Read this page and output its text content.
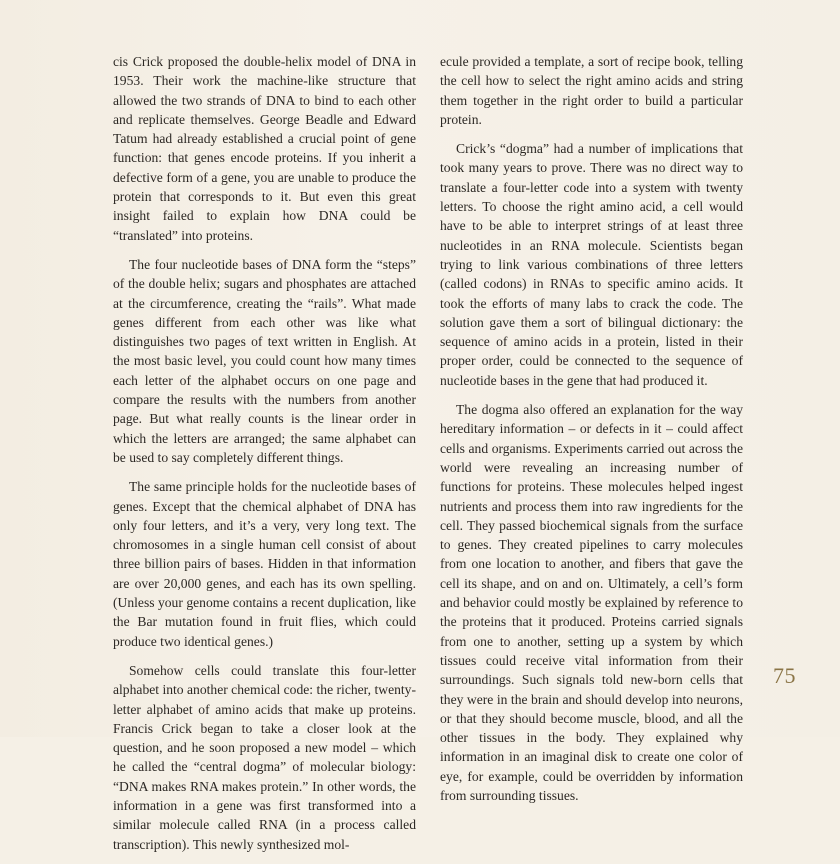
cis Crick proposed the double-helix model of DNA in 1953. Their work the machine-like structure that allowed the two strands of DNA to bind to each other and replicate themselves. George Beadle and Edward Tatum had already established a crucial point of gene function: that genes encode proteins. If you inherit a defective form of a gene, you are unable to produce the protein that corresponds to it. But even this great insight failed to explain how DNA could be “translated” into proteins.

The four nucleotide bases of DNA form the “steps” of the double helix; sugars and phosphates are attached at the circumference, creating the “rails”. What made genes different from each other was like what distinguishes two pages of text written in English. At the most basic level, you could count how many times each letter of the alphabet occurs on one page and compare the results with the numbers from another page. But what really counts is the linear order in which the letters are arranged; the same alphabet can be used to say completely different things.

The same principle holds for the nucleotide bases of genes. Except that the chemical alphabet of DNA has only four letters, and it’s a very, very long text. The chromosomes in a single human cell consist of about three billion pairs of bases. Hidden in that information are over 20,000 genes, and each has its own spelling. (Unless your genome contains a recent duplication, like the Bar mutation found in fruit flies, which could produce two identical genes.)

Somehow cells could translate this four-letter alphabet into another chemical code: the richer, twenty-letter alphabet of amino acids that make up proteins. Francis Crick began to take a closer look at the question, and he soon proposed a new model – which he called the “central dogma” of molecular biology: “DNA makes RNA makes protein.” In other words, the information in a gene was first transformed into a similar molecule called RNA (in a process called transcription). This newly synthesized mol-

ecule provided a template, a sort of recipe book, telling the cell how to select the right amino acids and string them together in the right order to build a particular protein.

Crick’s “dogma” had a number of implications that took many years to prove. There was no direct way to translate a four-letter code into a system with twenty letters. To choose the right amino acid, a cell would have to be able to interpret strings of at least three nucleotides in an RNA molecule. Scientists began trying to link various combinations of three letters (called codons) in RNAs to specific amino acids. It took the efforts of many labs to crack the code. The solution gave them a sort of bilingual dictionary: the sequence of amino acids in a protein, listed in their proper order, could be connected to the sequence of nucleotide bases in the gene that had produced it.

The dogma also offered an explanation for the way hereditary information – or defects in it – could affect cells and organisms. Experiments carried out across the world were revealing an increasing number of functions for proteins. These molecules helped ingest nutrients and process them into raw ingredients for the cell. They passed biochemical signals from the surface to genes. They created pipelines to carry molecules from one location to another, and fibers that gave the cell its shape, and on and on. Ultimately, a cell’s form and behavior could mostly be explained by reference to the proteins that it produced. Proteins carried signals from one to another, setting up a system by which tissues could receive vital information from their surroundings. Such signals told new-born cells that they were in the brain and should develop into neurons, or that they should become muscle, blood, and all the other tissues in the body. They explained why information in an imaginal disk to create one color of eye, for example, could be overridden by information from surrounding tissues.

75
